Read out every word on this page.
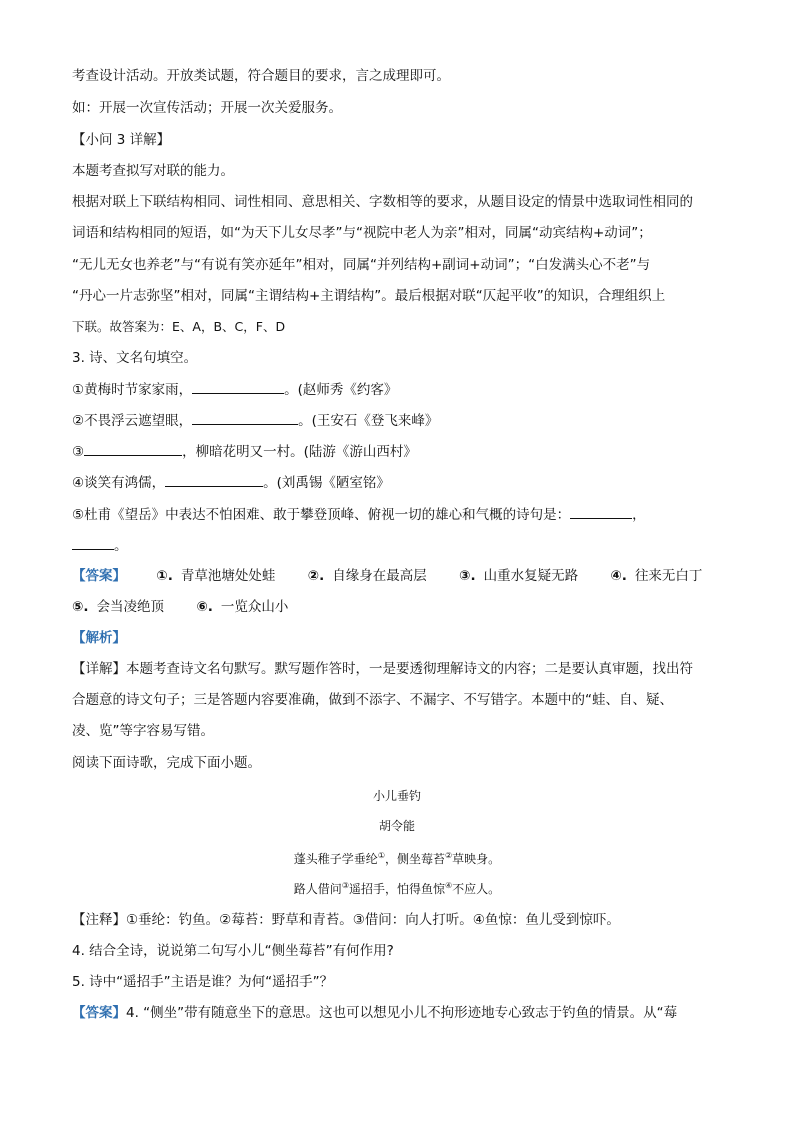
考查设计活动。开放类试题，符合题目的要求，言之成理即可。
如：开展一次宣传活动；开展一次关爱服务。
【小问 3 详解】
本题考查拟写对联的能力。
根据对联上下联结构相同、词性相同、意思相关、字数相等的要求，从题目设定的情景中选取词性相同的
词语和结构相同的短语，如“为天下儿女尽孝”与“视院中老人为亲”相对，同属“动宾结构+动词”；
“无儿无女也养老”与“有说有笑亦延年”相对，同属“并列结构+副词+动词”；“白发满头心不老”与
“丹心一片志弥坚”相对，同属“主谓结构+主谓结构”。最后根据对联“仄起平收”的知识，合理组织上
下联。故答案为：E、A，B、C，F、D
3. 诗、文名句填空。
①黄梅时节家家雨，	。(赵师秀《约客》
②不畏浮云遮望眼，	。(王安石《登飞来峰》
③	，柳暗花明又一村。(陆游《游山西村》
④谈笑有鸿儒，	。(刘禹锡《陋室铭》
⑤杜甫《望岳》中表达不怕困难、敢于攀登顶峰、俯视一切的雄心和气概的诗句是：	，
。
【答案】 ①. 青草池塘处处蛙 ②. 自缘身在最高层 ③. 山重水复疑无路 ④. 往来无白丁
⑤. 会当凌绝顶 ⑥. 一览众山小
【解析】
【详解】本题考查诗文名句默写。默写题作答时，一是要透彻理解诗文的内容；二是要认真审题，找出符
合题意的诗文句子；三是答题内容要准确，做到不添字、不漏字、不写错字。本题中的“蛙、自、疑、
凌、览”等字容易写错。
阅读下面诗歌，完成下面小题。
小儿垂钓
胡令能
蓬头稚子学垂纶①，侧坐莓苔②草映身。
路人借问③遥招手，怕得鱼惊④不应人。
【注释】①垂纶：钓鱼。②莓苔：野草和青苔。③借问：向人打听。④鱼惊：鱼儿受到惊吓。
4. 结合全诗，说说第二句写小儿“侧坐莓苔”有何作用?
5. 诗中“遥招手”主语是谁？为何“遥招手”？
【答案】4. “侧坐”带有随意坐下的意思。这也可以想见小儿不拘形迹地专心致志于钓鱼的情景。从“莓
